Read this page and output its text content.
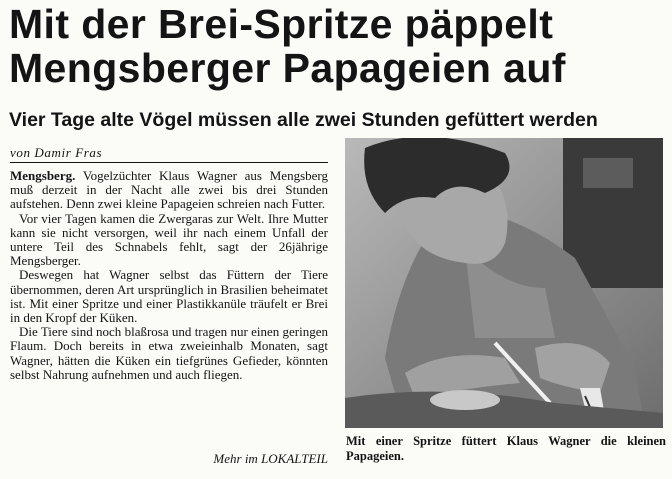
Mit der Brei-Spritze päppelt
Mengsberger Papageien auf
Vier Tage alte Vögel müssen alle zwei Stunden gefüttert werden
von Damir Fras

Mengsberg. Vogelzüchter Klaus Wagner aus Mengsberg muß derzeit in der Nacht alle zwei bis drei Stunden aufstehen. Denn zwei kleine Papageien schreien nach Futter.

Vor vier Tagen kamen die Zwergaras zur Welt. Ihre Mutter kann sie nicht versorgen, weil ihr nach einem Unfall der untere Teil des Schnabels fehlt, sagt der 26jährige Mengsberger.

Deswegen hat Wagner selbst das Füttern der Tiere übernommen, deren Art ursprünglich in Brasilien beheimatet ist. Mit einer Spritze und einer Plastikkanüle träufelt er Brei in den Kropf der Küken.

Die Tiere sind noch blaßrosa und tragen nur einen geringen Flaum. Doch bereits in etwa zweieinhalb Monaten, sagt Wagner, hätten die Küken ein tiefgrünes Gefieder, könnten selbst Nahrung aufnehmen und auch fliegen.

Mehr im LOKALTEIL

Mit einer Spritze füttert Klaus Wagner die kleinen Papageien.
